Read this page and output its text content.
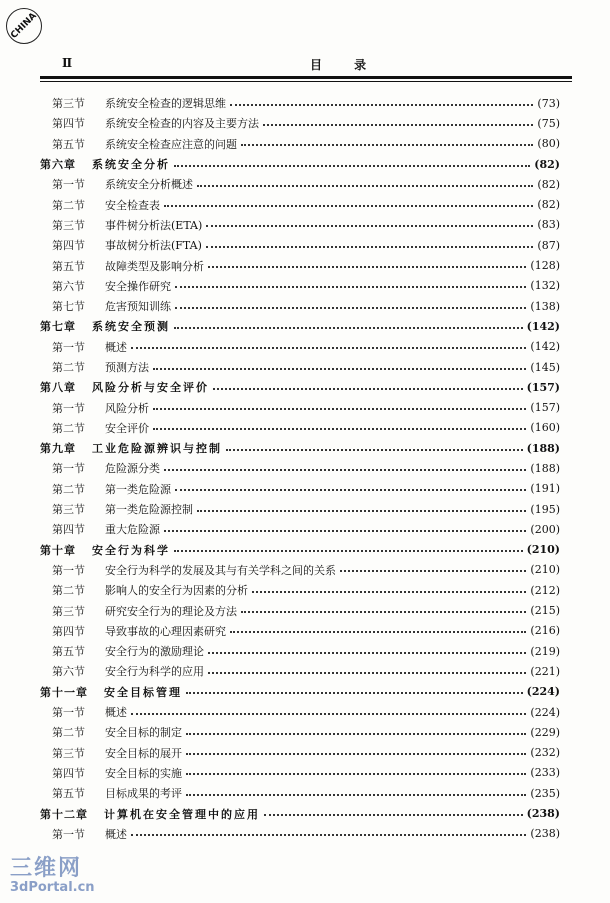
CHINA
Ⅱ	目 录
第三节	系统安全检查的逻辑思维	(73)
第四节	系统安全检查的内容及主要方法	(75)
第五节	系统安全检查应注意的问题	(80)
第六章 系统安全分析	(82)
第一节	系统安全分析概述	(82)
第二节	安全检查表	(82)
第三节	事件树分析法(ETA)	(83)
第四节	事故树分析法(FTA)	(87)
第五节	故障类型及影响分析	(128)
第六节	安全操作研究	(132)
第七节	危害预知训练	(138)
第七章 系统安全预测	(142)
第一节	概述	(142)
第二节	预测方法	(145)
第八章 风险分析与安全评价	(157)
第一节	风险分析	(157)
第二节	安全评价	(160)
第九章 工业危险源辨识与控制	(188)
第一节	危险源分类	(188)
第二节	第一类危险源	(191)
第三节	第一类危险源控制	(195)
第四节	重大危险源	(200)
第十章 安全行为科学	(210)
第一节	安全行为科学的发展及其与有关学科之间的关系	(210)
第二节	影响人的安全行为因素的分析	(212)
第三节	研究安全行为的理论及方法	(215)
第四节	导致事故的心理因素研究	(216)
第五节	安全行为的激励理论	(219)
第六节	安全行为科学的应用	(221)
第十一章 安全目标管理	(224)
第一节	概述	(224)
第二节	安全目标的制定	(229)
第三节	安全目标的展开	(232)
第四节	安全目标的实施	(233)
第五节	目标成果的考评	(235)
第十二章 计算机在安全管理中的应用	(238)
第一节	概述	(238)
三维网
3dPortal.cn
